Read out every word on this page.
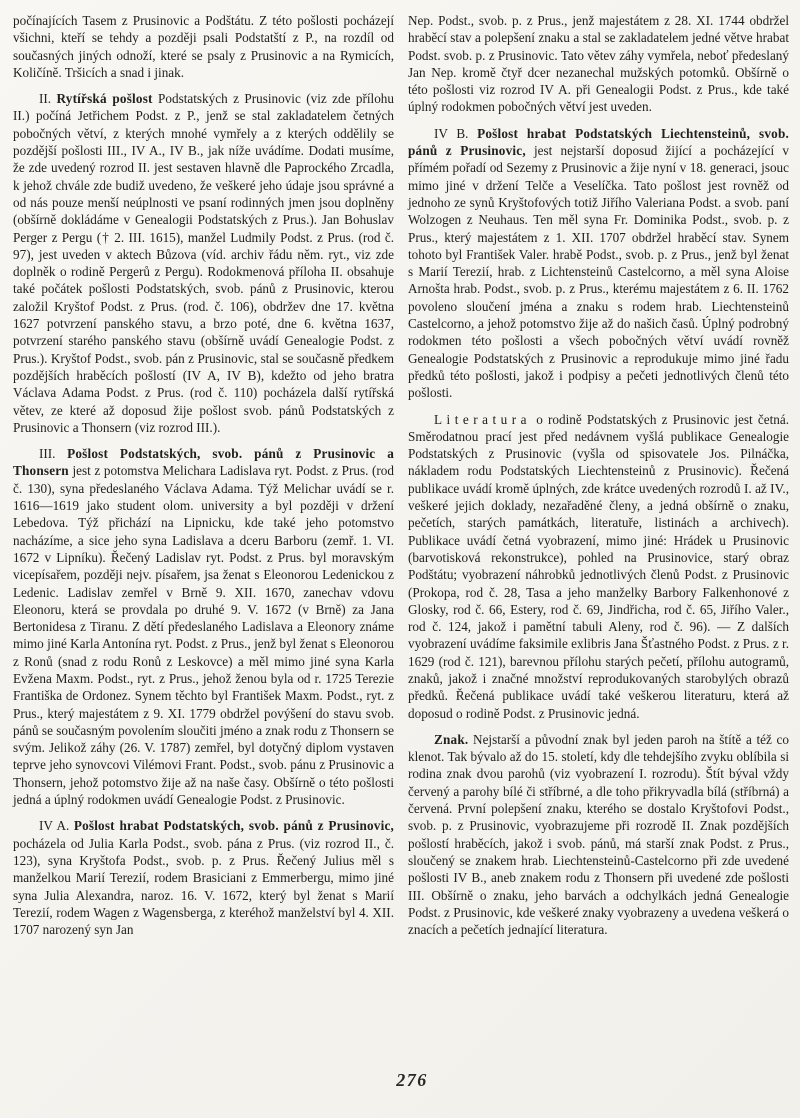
počínajících Tasem z Prusinovic a Podštátu. Z této pošlosti pocházejí všichni, kteří se tehdy a později psali Podstatští z P., na rozdíl od současných jiných odnoží, které se psaly z Prusinovic a na Rymicích, Količíně. Tršicích a snad i jinak.

II. Rytířská pošlost Podstatských z Prusinovic (viz zde přílohu II.) počíná Jetřichem Podst. z P., jenž se stal zakladatelem četných pobočných větví, z kterých mnohé vymřely a z kterých oddělily se pozdější pošlosti III., IV A., IV B., jak níže uvádíme. Dodati musíme, že zde uvedený rozrod II. jest sestaven hlavně dle Paprockého Zrcadla, k jehož chvále zde budiž uvedeno, že veškeré jeho údaje jsou správné a od nás pouze menší neúplnosti ve psaní rodinných jmen jsou doplněny (obšírně dokládáme v Genealogii Podstatských z Prus.). Jan Bohuslav Perger z Pergu († 2. III. 1615), manžel Ludmily Podst. z Prus. (rod č. 97), jest uveden v aktech Bůzova (víd. archiv řádu něm. ryt., viz zde doplněk o rodině Pergerů z Pergu). Rodokmenová příloha II. obsahuje také počátek pošlosti Podstatských, svob. pánů z Prusinovic, kterou založil Kryštof Podst. z Prus. (rod. č. 106), obdržev dne 17. května 1627 potvrzení panského stavu, a brzo poté, dne 6. května 1637, potvrzení starého panského stavu (obšírně uvádí Genealogie Podst. z Prus.). Kryštof Podst., svob. pán z Prusinovic, stal se současně předkem pozdějších hraběcích pošlostí (IV A, IV B), kdežto od jeho bratra Václava Adama Podst. z Prus. (rod č. 110) pocházela další rytířská větev, ze které až doposud žije pošlost svob. pánů Podstatských z Prusinovic a Thonsern (viz rozrod III.).

III. Pošlost Podstatských, svob. pánů z Prusinovic a Thonsern jest z potomstva Melichara Ladislava ryt. Podst. z Prus. (rod č. 130), syna předeslaného Václava Adama. Týž Melichar uvádí se r. 1616—1619 jako student olom. university a byl později v držení Lebedova. Týž přichází na Lipnicku, kde také jeho potomstvo nacházíme, a sice jeho syna Ladislava a dceru Barboru (zemř. 1. VI. 1672 v Lipníku). Řečený Ladislav ryt. Podst. z Prus. byl moravským vicepísařem, později nejv. písařem, jsa ženat s Eleonorou Ledenickou z Ledenic. Ladislav zemřel v Brně 9. XII. 1670, zanechav vdovu Eleonoru, která se provdala po druhé 9. V. 1672 (v Brně) za Jana Bertonidesa z Tiranu. Z dětí předeslaného Ladislava a Eleonory známe mimo jiné Karla Antonína ryt. Podst. z Prus., jenž byl ženat s Eleonorou z Ronů (snad z rodu Ronů z Leskovce) a měl mimo jiné syna Karla Evžena Maxm. Podst., ryt. z Prus., jehož ženou byla od r. 1725 Terezie Františka de Ordonez. Synem těchto byl František Maxm. Podst., ryt. z Prus., který majestátem z 9. XI. 1779 obdržel povýšení do stavu svob. pánů se současným povolením sloučiti jméno a znak rodu z Thonsern se svým. Jelikož záhy (26. V. 1787) zemřel, byl dotyčný diplom vystaven teprve jeho synovcovi Vilémovi Frant. Podst., svob. pánu z Prusinovic a Thonsern, jehož potomstvo žije až na naše časy. Obšírně o této pošlosti jedná a úplný rodokmen uvádí Genealogie Podst. z Prusinovic.

IV A. Pošlost hrabat Podstatských, svob. pánů z Prusinovic, pocházela od Julia Karla Podst., svob. pána z Prus. (viz rozrod II., č. 123), syna Kryštofa Podst., svob. p. z Prus. Řečený Julius měl s manželkou Marií Terezií, rodem Brasiciani z Emmerbergu, mimo jiné syna Julia Alexandra, naroz. 16. V. 1672, který byl ženat s Marií Terezií, rodem Wagen z Wagensberga, z kteréhož manželství byl 4. XII. 1707 narozený syn Jan

Nep. Podst., svob. p. z Prus., jenž majestátem z 28. XI. 1744 obdržel hraběcí stav a polepšení znaku a stal se zakladatelem jedné větve hrabat Podst. svob. p. z Prusinovic. Tato větev záhy vymřela, neboť předeslaný Jan Nep. kromě čtyř dcer nezanechal mužských potomků. Obšírně o této pošlosti viz rozrod IV A. při Genealogii Podst. z Prus., kde také úplný rodokmen pobočných větví jest uveden.

IV B. Pošlost hrabat Podstatských Liechtensteinů, svob. pánů z Prusinovic, jest nejstarší doposud žijící a pocházející v přímém pořadí od Sezemy z Prusinovic a žije nyní v 18. generaci, jsouc mimo jiné v držení Telče a Veselíčka. Tato pošlost jest rovněž od jednoho ze synů Kryštofových totiž Jiřího Valeriana Podst. a svob. paní Wolzogen z Neuhaus. Ten měl syna Fr. Dominika Podst., svob. p. z Prus., který majestátem z 1. XII. 1707 obdržel hraběcí stav. Synem tohoto byl František Valer. hrabě Podst., svob. p. z Prus., jenž byl ženat s Marií Terezií, hrab. z Lichtensteinů Castelcorno, a měl syna Aloise Arnošta hrab. Podst., svob. p. z Prus., kterému majestátem z 6. II. 1762 povoleno sloučení jména a znaku s rodem hrab. Liechtensteinů Castelcorno, a jehož potomstvo žije až do našich časů. Úplný podrobný rodokmen této pošlosti a všech pobočných větví uvádí rovněž Genealogie Podstatských z Prusinovic a reprodukuje mimo jiné řadu předků této pošlosti, jakož i podpisy a pečeti jednotlivých členů této pošlosti.

Literatura o rodině Podstatských z Prusinovic jest četná. Směrodatnou prací jest před nedávnem vyšlá publikace Genealogie Podstatských z Prusinovic (vyšla od spisovatele Jos. Pilnáčka, nákladem rodu Podstatských Liechtensteinů z Prusinovic). Řečená publikace uvádí kromě úplných, zde krátce uvedených rozrodů I. až IV., veškeré jejich doklady, nezařaděné členy, a jedná obšírně o znaku, pečetích, starých památkách, literatuře, listinách a archivech). Publikace uvádí četná vyobrazení, mimo jiné: Hrádek u Prusinovic (barvotisková rekonstrukce), pohled na Prusinovice, starý obraz Podštátu; vyobrazení náhrobků jednotlivých členů Podst. z Prusinovic (Prokopa, rod č. 28, Tasa a jeho manželky Barbory Falkenhonové z Glosky, rod č. 66, Estery, rod č. 69, Jindřicha, rod č. 65, Jiřího Valer., rod č. 124, jakož i pamětní tabuli Aleny, rod č. 96). — Z dalších vyobrazení uvádíme faksimile exlibris Jana Šťastného Podst. z Prus. z r. 1629 (rod č. 121), barevnou přílohu starých pečetí, přílohu autogramů, znaků, jakož i značné množství reprodukovaných starobylých obrazů předků. Řečená publikace uvádí také veškerou literaturu, která až doposud o rodině Podst. z Prusinovic jedná.

Znak. Nejstarší a původní znak byl jeden paroh na štítě a též co klenot. Tak bývalo až do 15. století, kdy dle tehdejšího zvyku oblíbila si rodina znak dvou parohů (viz vyobrazení I. rozrodu). Štít býval vždy červený a parohy bílé či stříbrné, a dle toho přikryvadla bílá (stříbrná) a červená. První polepšení znaku, kterého se dostalo Kryštofovi Podst., svob. p. z Prusinovic, vyobrazujeme při rozrodě II. Znak pozdějších pošlostí hraběcích, jakož i svob. pánů, má starší znak Podst. z Prus., sloučený se znakem hrab. Liechtensteinů-Castelcorno při zde uvedené pošlosti IV B., aneb znakem rodu z Thonsern při uvedené zde pošlosti III. Obšírně o znaku, jeho barvách a odchylkách jedná Genealogie Podst. z Prusinovic, kde veškeré znaky vyobrazeny a uvedena veškerá o znacích a pečetích jednající literatura.

276
